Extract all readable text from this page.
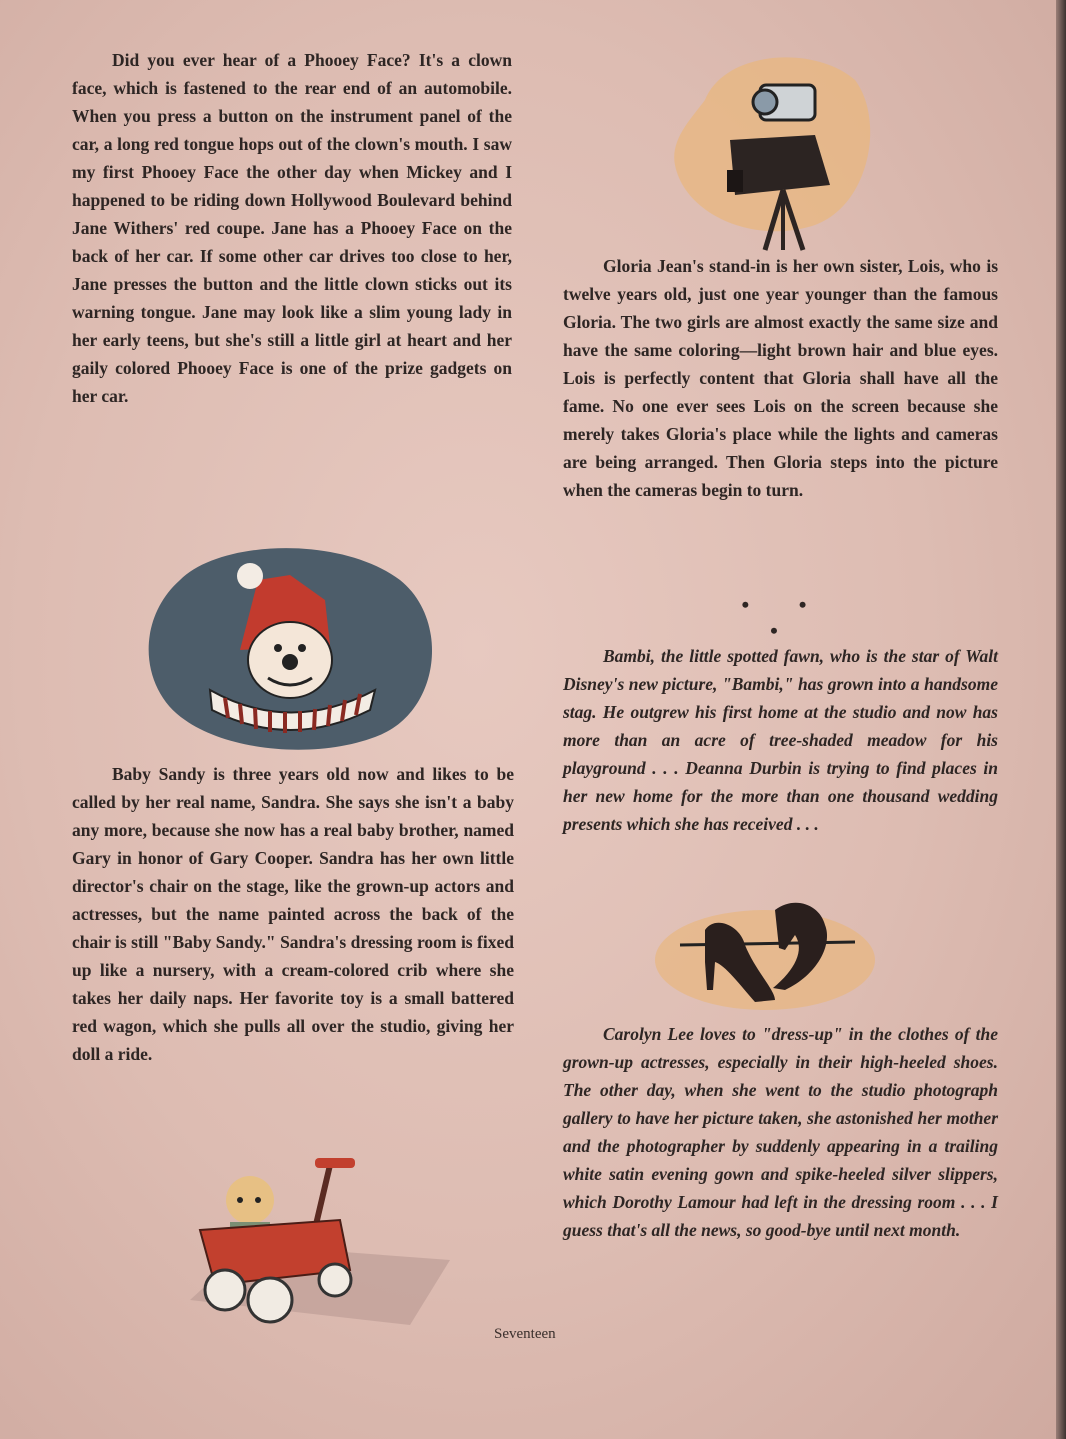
Did you ever hear of a Phooey Face? It's a clown face, which is fastened to the rear end of an automobile. When you press a button on the instrument panel of the car, a long red tongue hops out of the clown's mouth. I saw my first Phooey Face the other day when Mickey and I happened to be riding down Hollywood Boulevard behind Jane Withers' red coupe. Jane has a Phooey Face on the back of her car. If some other car drives too close to her, Jane presses the button and the little clown sticks out its warning tongue. Jane may look like a slim young lady in her early teens, but she's still a little girl at heart and her gaily colored Phooey Face is one of the prize gadgets on her car.

Baby Sandy is three years old now and likes to be called by her real name, Sandra. She says she isn't a baby any more, because she now has a real baby brother, named Gary in honor of Gary Cooper. Sandra has her own little director's chair on the stage, like the grown-up actors and actresses, but the name painted across the back of the chair is still "Baby Sandy." Sandra's dressing room is fixed up like a nursery, with a cream-colored crib where she takes her daily naps. Her favorite toy is a small battered red wagon, which she pulls all over the studio, giving her doll a ride.

Gloria Jean's stand-in is her own sister, Lois, who is twelve years old, just one year younger than the famous Gloria. The two girls are almost exactly the same size and have the same coloring—light brown hair and blue eyes. Lois is perfectly content that Gloria shall have all the fame. No one ever sees Lois on the screen because she merely takes Gloria's place while the lights and cameras are being arranged. Then Gloria steps into the picture when the cameras begin to turn.

• • •

Bambi, the little spotted fawn, who is the star of Walt Disney's new picture, "Bambi," has grown into a handsome stag. He outgrew his first home at the studio and now has more than an acre of tree-shaded meadow for his playground . . . Deanna Durbin is trying to find places in her new home for the more than one thousand wedding presents which she has received . . .

Carolyn Lee loves to "dress-up" in the clothes of the grown-up actresses, especially in their high-heeled shoes. The other day, when she went to the studio photograph gallery to have her picture taken, she astonished her mother and the photographer by suddenly appearing in a trailing white satin evening gown and spike-heeled silver slippers, which Dorothy Lamour had left in the dressing room . . . I guess that's all the news, so good-bye until next month.

Seventeen
